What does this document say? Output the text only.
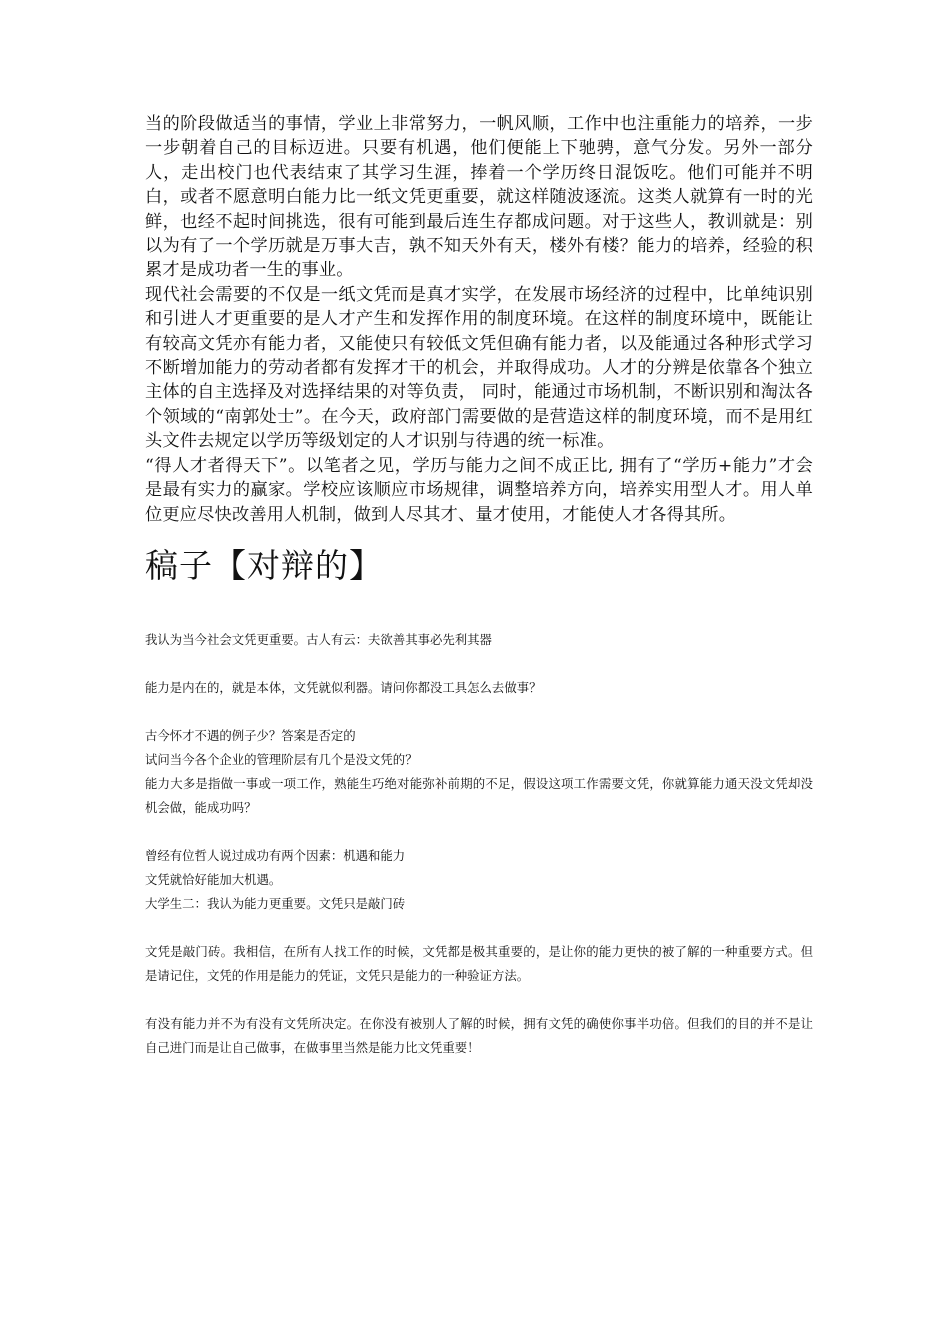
当的阶段做适当的事情，学业上非常努力，一帆风顺，工作中也注重能力的培养，一步一步朝着自己的目标迈进。只要有机遇，他们便能上下驰骋，意气分发。另外一部分人，走出校门也代表结束了其学习生涯，捧着一个学历终日混饭吃。他们可能并不明白，或者不愿意明白能力比一纸文凭更重要，就这样随波逐流。这类人就算有一时的光鲜，也经不起时间挑选，很有可能到最后连生存都成问题。对于这些人，教训就是：别以为有了一个学历就是万事大吉，孰不知天外有天，楼外有楼？能力的培养，经验的积累才是成功者一生的事业。

现代社会需要的不仅是一纸文凭而是真才实学，在发展市场经济的过程中，比单纯识别和引进人才更重要的是人才产生和发挥作用的制度环境。在这样的制度环境中，既能让有较高文凭亦有能力者，又能使只有较低文凭但确有能力者，以及能通过各种形式学习不断增加能力的劳动者都有发挥才干的机会，并取得成功。人才的分辨是依靠各个独立主体的自主选择及对选择结果的对等负责， 同时，能通过市场机制，不断识别和淘汰各个领域的“南郭处士”。在今天，政府部门需要做的是营造这样的制度环境，而不是用红头文件去规定以学历等级划定的人才识别与待遇的统一标准。

“得人才者得天下”。以笔者之见，学历与能力之间不成正比, 拥有了“学历+能力”才会是最有实力的赢家。学校应该顺应市场规律，调整培养方向，培养实用型人才。用人单位更应尽快改善用人机制，做到人尽其才、量才使用，才能使人才各得其所。

稿子【对辩的】

我认为当今社会文凭更重要。古人有云：夫欲善其事必先利其器

能力是内在的，就是本体，文凭就似利器。请问你都没工具怎么去做事？

古今怀才不遇的例子少？答案是否定的

试问当今各个企业的管理阶层有几个是没文凭的？

能力大多是指做一事或一项工作，熟能生巧绝对能弥补前期的不足，假设这项工作需要文凭，你就算能力通天没文凭却没机会做，能成功吗？

曾经有位哲人说过成功有两个因素：机遇和能力

文凭就恰好能加大机遇。

大学生二：我认为能力更重要。文凭只是敲门砖

文凭是敲门砖。我相信，在所有人找工作的时候，文凭都是极其重要的，是让你的能力更快的被了解的一种重要方式。但是请记住，文凭的作用是能力的凭证，文凭只是能力的一种验证方法。

有没有能力并不为有没有文凭所决定。在你没有被别人了解的时候，拥有文凭的确使你事半功倍。但我们的目的并不是让自己进门而是让自己做事，在做事里当然是能力比文凭重要！
